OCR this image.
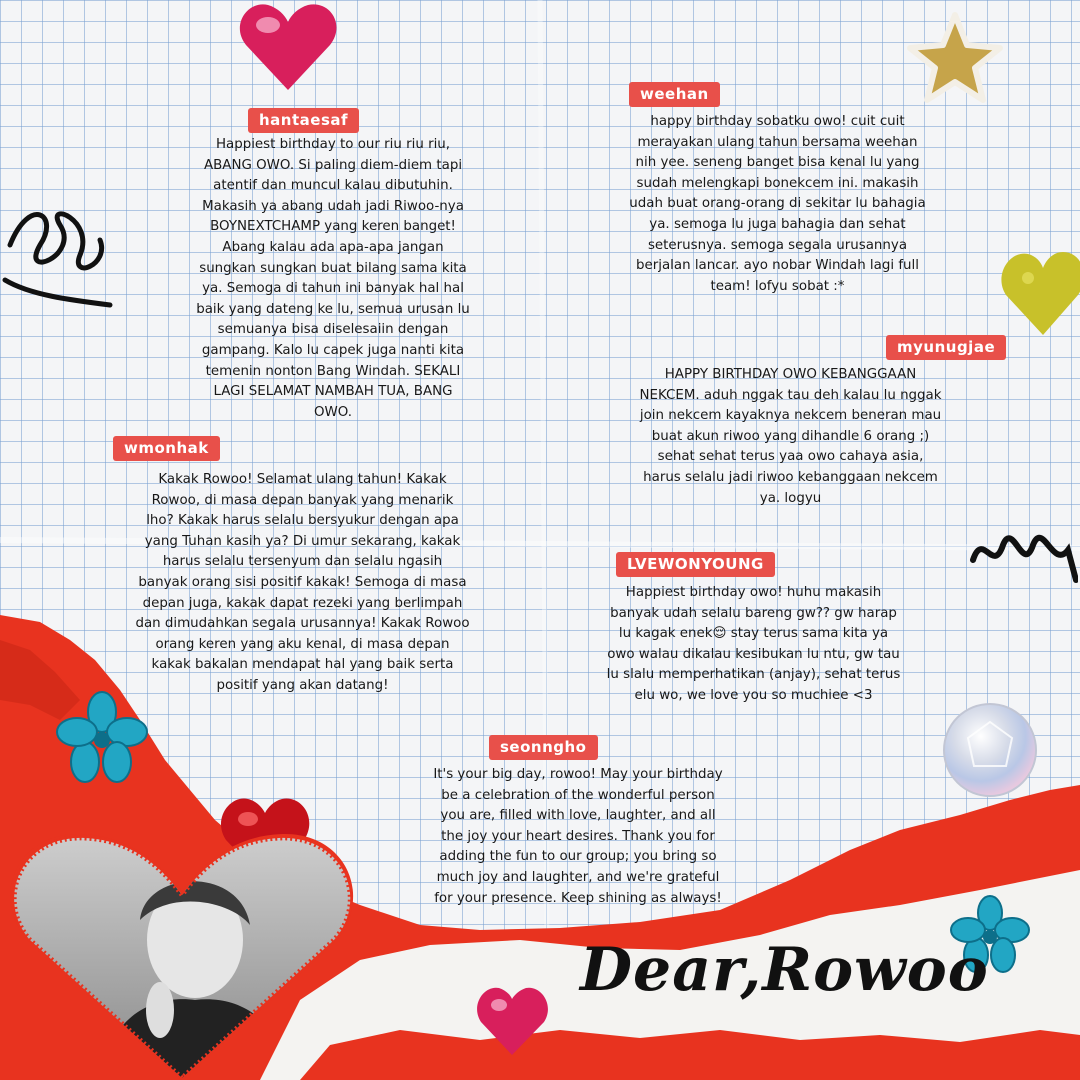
hantaesaf

Happiest birthday to our riu riu riu,
ABANG OWO. Si paling diem-diem tapi
atentif dan muncul kalau dibutuhin.
Makasih ya abang udah jadi Riwoo-nya
BOYNEXTCHAMP yang keren banget!
Abang kalau ada apa-apa jangan
sungkan sungkan buat bilang sama kita
ya. Semoga di tahun ini banyak hal hal
baik yang dateng ke lu, semua urusan lu
semuanya bisa diselesaiin dengan
gampang. Kalo lu capek juga nanti kita
temenin nonton Bang Windah. SEKALI
LAGI SELAMAT NAMBAH TUA, BANG
OWO.

weehan

happy birthday sobatku owo! cuit cuit
merayakan ulang tahun bersama weehan
nih yee. seneng banget bisa kenal lu yang
sudah melengkapi bonekcem ini. makasih
udah buat orang-orang di sekitar lu bahagia
ya. semoga lu juga bahagia dan sehat
seterusnya. semoga segala urusannya
berjalan lancar. ayo nobar Windah lagi full
team! lofyu sobat :*

wmonhak

Kakak Rowoo! Selamat ulang tahun! Kakak
Rowoo, di masa depan banyak yang menarik
lho? Kakak harus selalu bersyukur dengan apa
yang Tuhan kasih ya? Di umur sekarang, kakak
harus selalu tersenyum dan selalu ngasih
banyak orang sisi positif kakak! Semoga di masa
depan juga, kakak dapat rezeki yang berlimpah
dan dimudahkan segala urusannya! Kakak Rowoo
orang keren yang aku kenal, di masa depan
kakak bakalan mendapat hal yang baik serta
positif yang akan datang!

myunugjae

HAPPY BIRTHDAY OWO KEBANGGAAN
NEKCEM. aduh nggak tau deh kalau lu nggak
join nekcem kayaknya nekcem beneran mau
buat akun riwoo yang dihandle 6 orang ;)
sehat sehat terus yaa owo cahaya asia,
harus selalu jadi riwoo kebanggaan nekcem
ya. logyu

LVEWONYOUNG

Happiest birthday owo! huhu makasih
banyak udah selalu bareng gw?? gw harap
lu kagak enek😌 stay terus sama kita ya
owo walau dikalau kesibukan lu ntu, gw tau
lu slalu memperhatikan (anjay), sehat terus
elu wo, we love you so muchiee <3

seonngho

It's your big day, rowoo! May your birthday
be a celebration of the wonderful person
you are, filled with love, laughter, and all
the joy your heart desires. Thank you for
adding the fun to our group; you bring so
much joy and laughter, and we're grateful
for your presence. Keep shining as always!

Dear,Rowoo
